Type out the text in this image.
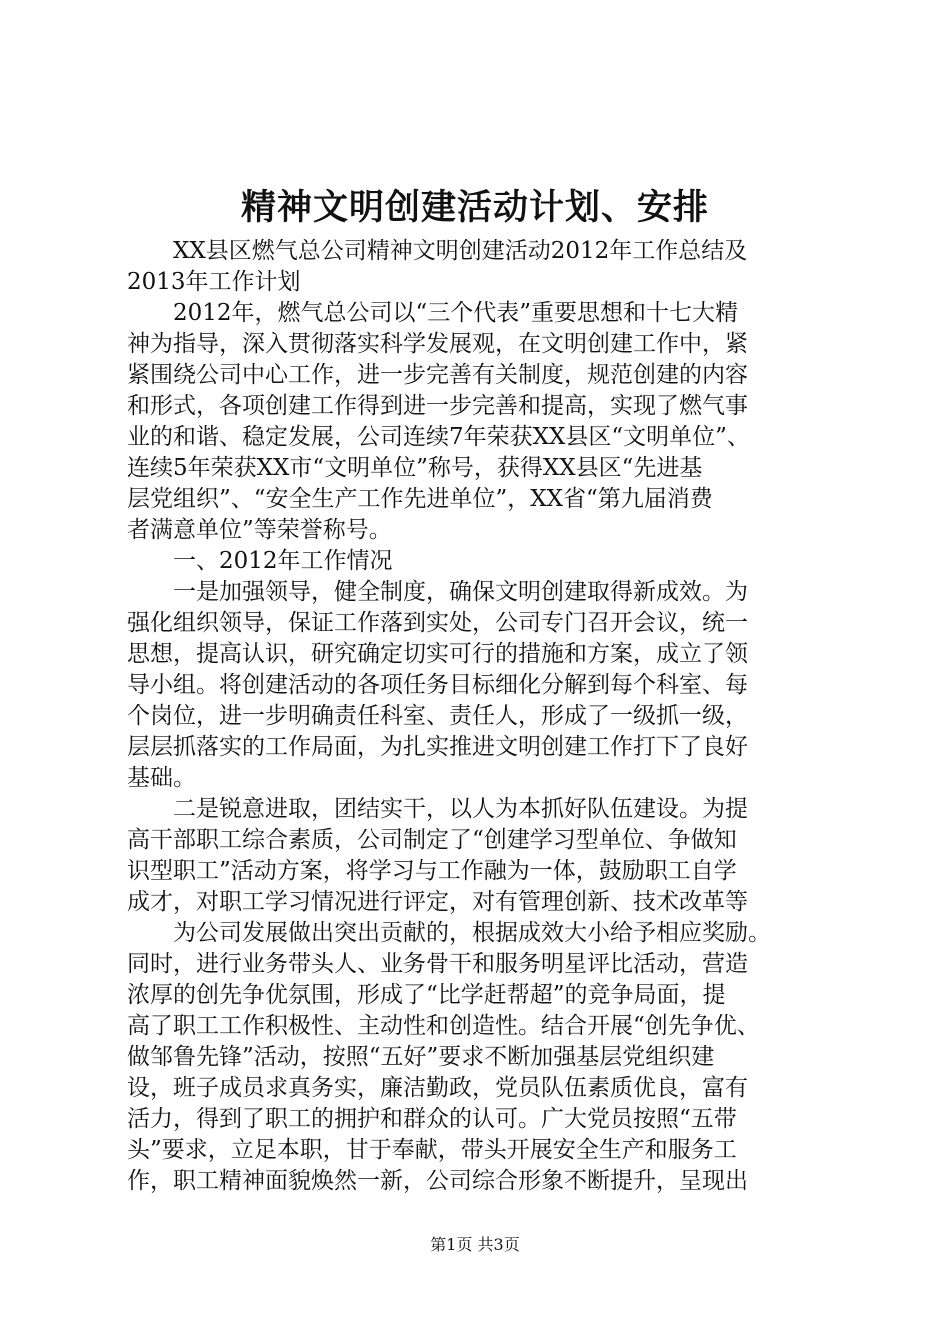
精神文明创建活动计划、安排
XX县区燃气总公司精神文明创建活动2012年工作总结及
2013年工作计划
2012年，燃气总公司以“三个代表”重要思想和十七大精
神为指导，深入贯彻落实科学发展观，在文明创建工作中，紧
紧围绕公司中心工作，进一步完善有关制度，规范创建的内容
和形式，各项创建工作得到进一步完善和提高，实现了燃气事
业的和谐、稳定发展，公司连续7年荣获XX县区“文明单位”、
连续5年荣获XX市“文明单位”称号，获得XX县区“先进基
层党组织”、“安全生产工作先进单位”，XX省“第九届消费
者满意单位”等荣誉称号。
一、2012年工作情况
一是加强领导，健全制度，确保文明创建取得新成效。为
强化组织领导，保证工作落到实处，公司专门召开会议，统一
思想，提高认识，研究确定切实可行的措施和方案，成立了领
导小组。将创建活动的各项任务目标细化分解到每个科室、每
个岗位，进一步明确责任科室、责任人，形成了一级抓一级，
层层抓落实的工作局面，为扎实推进文明创建工作打下了良好
基础。
二是锐意进取，团结实干，以人为本抓好队伍建设。为提
高干部职工综合素质，公司制定了“创建学习型单位、争做知
识型职工”活动方案，将学习与工作融为一体，鼓励职工自学
成才，对职工学习情况进行评定，对有管理创新、技术改革等
为公司发展做出突出贡献的，根据成效大小给予相应奖励。
同时，进行业务带头人、业务骨干和服务明星评比活动，营造
浓厚的创先争优氛围，形成了“比学赶帮超”的竞争局面，提
高了职工工作积极性、主动性和创造性。结合开展“创先争优、
做邹鲁先锋”活动，按照“五好”要求不断加强基层党组织建
设，班子成员求真务实，廉洁勤政，党员队伍素质优良，富有
活力，得到了职工的拥护和群众的认可。广大党员按照“五带
头”要求，立足本职，甘于奉献，带头开展安全生产和服务工
作，职工精神面貌焕然一新，公司综合形象不断提升，呈现出
第1页 共3页
